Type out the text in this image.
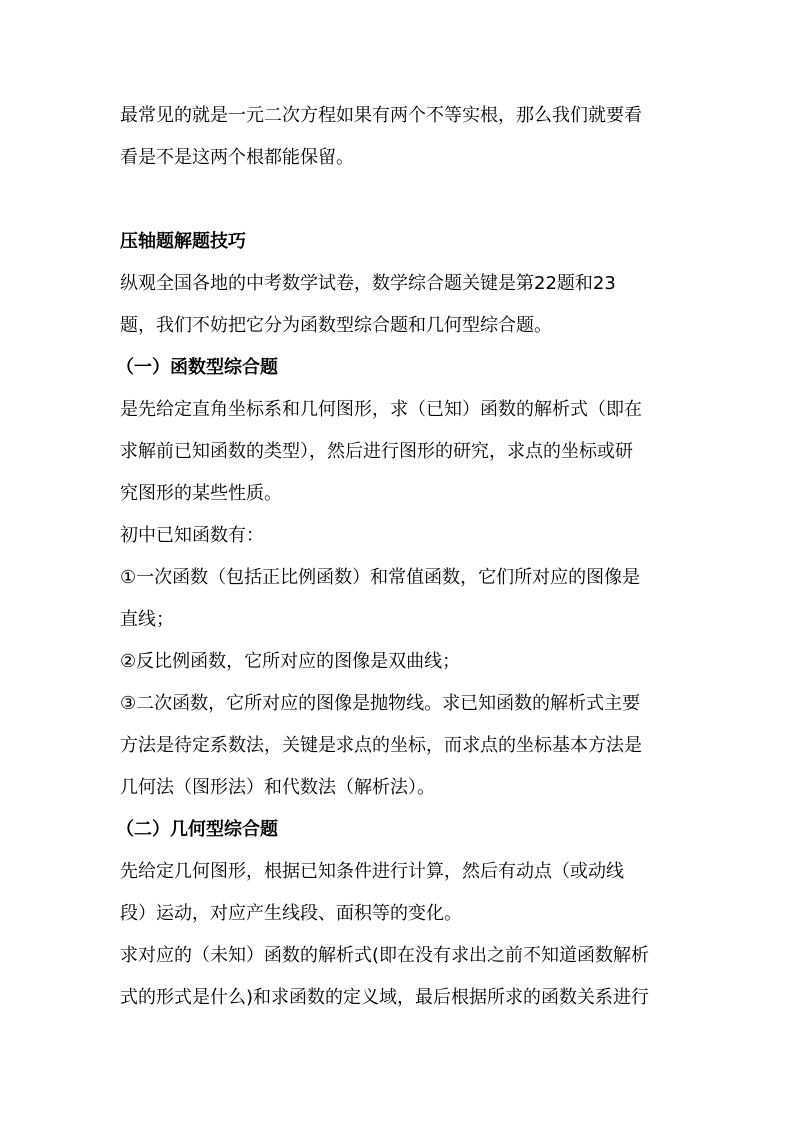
最常见的就是一元二次方程如果有两个不等实根，那么我们就要看
看是不是这两个根都能保留。
压轴题解题技巧
纵观全国各地的中考数学试卷，数学综合题关键是第22题和23
题，我们不妨把它分为函数型综合题和几何型综合题。
（一）函数型综合题
是先给定直角坐标系和几何图形，求（已知）函数的解析式（即在
求解前已知函数的类型），然后进行图形的研究，求点的坐标或研
究图形的某些性质。
初中已知函数有：
①一次函数（包括正比例函数）和常值函数，它们所对应的图像是
直线；
②反比例函数，它所对应的图像是双曲线；
③二次函数，它所对应的图像是抛物线。求已知函数的解析式主要
方法是待定系数法，关键是求点的坐标，而求点的坐标基本方法是
几何法（图形法）和代数法（解析法）。
（二）几何型综合题
先给定几何图形，根据已知条件进行计算，然后有动点（或动线
段）运动，对应产生线段、面积等的变化。
求对应的（未知）函数的解析式(即在没有求出之前不知道函数解析
式的形式是什么)和求函数的定义域，最后根据所求的函数关系进行
